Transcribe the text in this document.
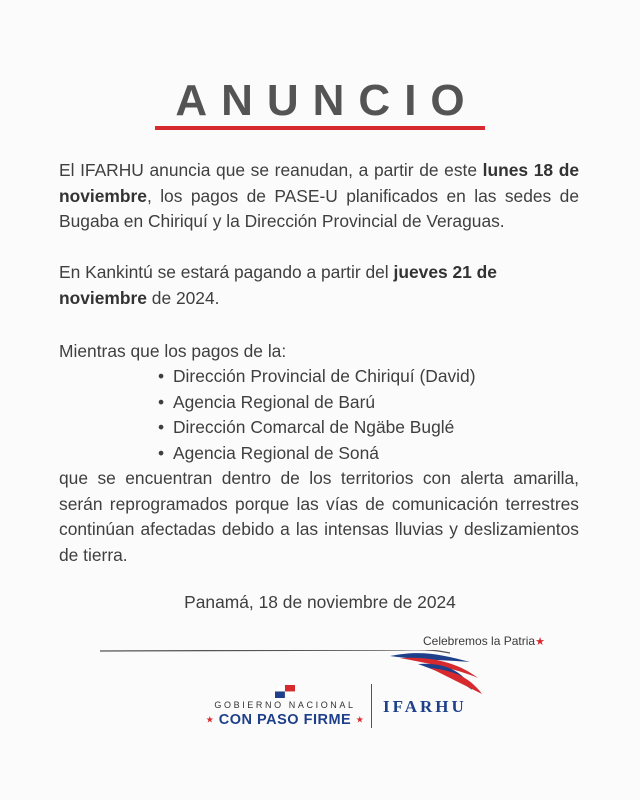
ANUNCIO
El IFARHU anuncia que se reanudan, a partir de este lunes 18 de noviembre, los pagos de PASE-U planificados en las sedes de Bugaba en Chiriquí y la Dirección Provincial de Veraguas.
En Kankintú se estará pagando a partir del jueves 21 de noviembre de 2024.
Mientras que los pagos de la:
• Dirección Provincial de Chiriquí (David)
• Agencia Regional de Barú
• Dirección Comarcal de Ngäbe Buglé
• Agencia Regional de Soná
que se encuentran dentro de los territorios con alerta amarilla, serán reprogramados porque las vías de comunicación terrestres continúan afectadas debido a las intensas lluvias y deslizamientos de tierra.
Panamá, 18 de noviembre de 2024
Celebremos la Patria★
GOBIERNO NACIONAL
★ CON PASO FIRME ★
IFARHU
